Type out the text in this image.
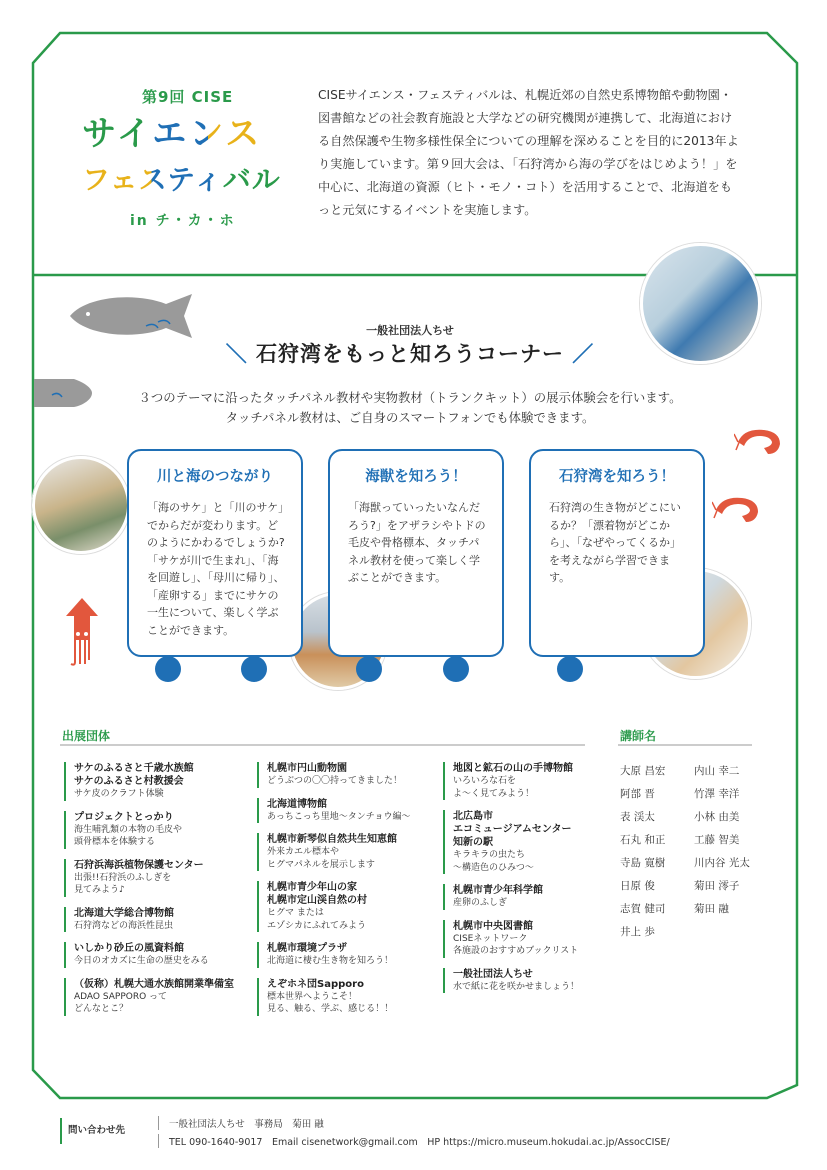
第9回 CISE
サイエンス
フェスティバル
in チ・カ・ホ
CISEサイエンス・フェスティバルは、札幌近郊の自然史系博物館や動物園・図書館などの社会教育施設と大学などの研究機関が連携して、北海道における自然保護や生物多様性保全についての理解を深めることを目的に2013年より実施しています。第９回大会は、「石狩湾から海の学びをはじめよう！」を中心に、北海道の資源（ヒト・モノ・コト）を活用することで、北海道をもっと元気にするイベントを実施します。
一般社団法人ちせ
＼ 石狩湾をもっと知ろうコーナー ／
３つのテーマに沿ったタッチパネル教材や実物教材（トランクキット）の展示体験会を行います。
タッチパネル教材は、ご自身のスマートフォンでも体験できます。
川と海のつながり
「海のサケ」と「川のサケ」でからだが変わります。どのようにかわるでしょうか?「サケが川で生まれ」、「海を回遊し」、「母川に帰り」、「産卵する」までにサケの一生について、楽しく学ぶことができます。
海獣を知ろう！
「海獣っていったいなんだろう?」をアザラシやトドの毛皮や骨格標本、タッチパネル教材を使って楽しく学ぶことができます。
石狩湾を知ろう！
石狩湾の生き物がどこにいるか？「漂着物がどこから」、「なぜやってくるか」を考えながら学習できます。
出展団体	講師名
サケのふるさと千歳水族館
サケのふるさと村教援会
サケ皮のクラフト体験
プロジェクトとっかり
海生哺乳類の本物の毛皮や
頭骨標本を体験する
石狩浜海浜植物保護センター
出張!!石狩浜のふしぎを
見てみよう♪
北海道大学総合博物館
石狩湾などの海浜性昆虫
いしかり砂丘の風資料館
今日のオカズに生命の歴史をみる
（仮称）札幌大通水族館開業準備室
ADAO SAPPORO って
どんなとこ？
札幌市円山動物園
どうぶつの〇〇持ってきました！
北海道博物館
あっちこっち里地〜タンチョウ編〜
札幌市新琴似自然共生知恵館
外来カエル標本や
ヒグマパネルを展示します
札幌市青少年山の家
札幌市定山渓自然の村
ヒグマ または
エゾシカにふれてみよう
札幌市環境プラザ
北海道に棲む生き物を知ろう！
えぞホネ団Sapporo
標本世界へようこそ！
見る、触る、学ぶ、感じる！！
地図と鉱石の山の手博物館
いろいろな石を
よ〜く見てみよう！
北広島市
エコミュージアムセンター
知新の駅
キラキラの虫たち
〜構造色のひみつ〜
札幌市青少年科学館
産卵のふしぎ
札幌市中央図書館
CISEネットワーク
各施設のおすすめブックリスト
一般社団法人ちせ
水で紙に花を咲かせましょう！
大原 昌宏
阿部 晋
表 渓太
石丸 和正
寺島 寛樹
日原 俊
志賀 健司
井上 歩
内山 幸二
竹澤 幸洋
小林 由美
工藤 智美
川内谷 光太
菊田 澪子
菊田 融
問い合わせ先
一般社団法人ちせ　事務局　菊田 融
TEL 090-1640-9017　Email cisenetwork@gmail.com　HP https://micro.museum.hokudai.ac.jp/AssocCISE/
